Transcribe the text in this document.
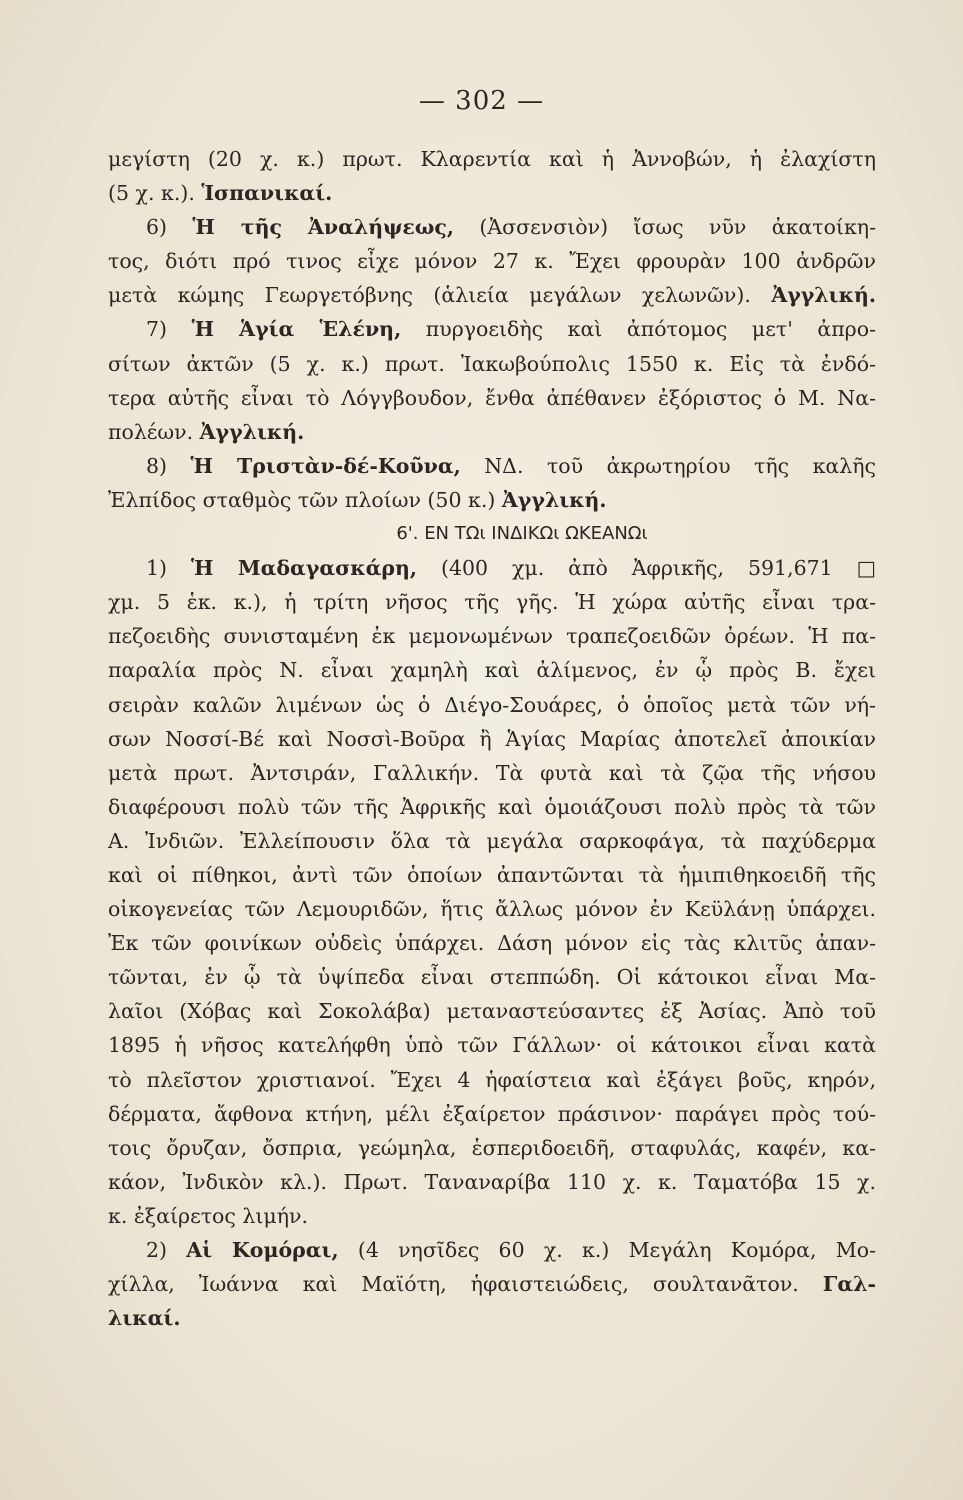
— 302 —
μεγίστη (20 χ. κ.) πρωτ. Κλαρεντία καὶ ἡ Ἀννοβών, ἡ ἐλαχίστη
(5 χ. κ.). Ἱσπανικαί.
6) Ἡ τῆς Ἀναλήψεως, (Ἀσσενσιὸν) ἴσως νῦν ἀκατοίκη-
τος, διότι πρό τινος εἶχε μόνον 27 κ. Ἔχει φρουρὰν 100 ἀνδρῶν
μετὰ κώμης Γεωργετόβνης (ἁλιεία μεγάλων χελωνῶν). Ἀγγλική.
7) Ἡ Ἁγία Ἑλένη, πυργοειδὴς καὶ ἀπότομος μετ' ἀπρο-
σίτων ἀκτῶν (5 χ. κ.) πρωτ. Ἰακωβούπολις 1550 κ. Εἰς τὰ ἐνδό-
τερα αὐτῆς εἶναι τὸ Λόγγβουδον, ἔνθα ἀπέθανεν ἐξόριστος ὁ Μ. Να-
πολέων. Ἀγγλική.
8) Ἡ Τριστὰν-δέ-Κοῦνα, ΝΔ. τοῦ ἀκρωτηρίου τῆς καλῆς
Ἐλπίδος σταθμὸς τῶν πλοίων (50 κ.) Ἀγγλική.
6'. ΕΝ ΤΩι ΙΝΔΙΚΩι ΩΚΕΑΝΩι
1) Ἡ Μαδαγασκάρη, (400 χμ. ἀπὸ Ἀφρικῆς, 591,671 □
χμ. 5 ἑκ. κ.), ἡ τρίτη νῆσος τῆς γῆς. Ἡ χώρα αὐτῆς εἶναι τρα-
πεζοειδὴς συνισταμένη ἐκ μεμονωμένων τραπεζοειδῶν ὀρέων. Ἡ πα-
παραλία πρὸς Ν. εἶναι χαμηλὴ καὶ ἀλίμενος, ἐν ᾧ πρὸς Β. ἔχει
σειρὰν καλῶν λιμένων ὡς ὁ Διέγο-Σουάρες, ὁ ὁποῖος μετὰ τῶν νή-
σων Νοσσί-Βέ καὶ Νοσσὶ-Βοῦρα ἢ Ἁγίας Μαρίας ἀποτελεῖ ἀποικίαν
μετὰ πρωτ. Ἀντσιράν, Γαλλικήν. Τὰ φυτὰ καὶ τὰ ζῷα τῆς νήσου
διαφέρουσι πολὺ τῶν τῆς Ἀφρικῆς καὶ ὁμοιάζουσι πολὺ πρὸς τὰ τῶν
Α. Ἰνδιῶν. Ἐλλείπουσιν ὅλα τὰ μεγάλα σαρκοφάγα, τὰ παχύδερμα
καὶ οἱ πίθηκοι, ἀντὶ τῶν ὁποίων ἀπαντῶνται τὰ ἡμιπιθηκοειδῆ τῆς
οἰκογενείας τῶν Λεμουριδῶν, ἥτις ἄλλως μόνον ἐν Κεϋλάνῃ ὑπάρχει.
Ἐκ τῶν φοινίκων οὐδεὶς ὑπάρχει. Δάση μόνον εἰς τὰς κλιτῦς ἀπαν-
τῶνται, ἐν ᾧ τὰ ὑψίπεδα εἶναι στεππώδη. Οἱ κάτοικοι εἶναι Μα-
λαῖοι (Χόβας καὶ Σοκολάβα) μεταναστεύσαντες ἐξ Ἀσίας. Ἀπὸ τοῦ
1895 ἡ νῆσος κατελήφθη ὑπὸ τῶν Γάλλων· οἱ κάτοικοι εἶναι κατὰ
τὸ πλεῖστον χριστιανοί. Ἔχει 4 ἡφαίστεια καὶ ἐξάγει βοῦς, κηρόν,
δέρματα, ἄφθονα κτήνη, μέλι ἐξαίρετον πράσινον· παράγει πρὸς τού-
τοις ὄρυζαν, ὄσπρια, γεώμηλα, ἑσπεριδοειδῆ, σταφυλάς, καφέν, κα-
κάον, Ἰνδικὸν κλ.). Πρωτ. Ταναναρίβα 110 χ. κ. Ταματόβα 15 χ.
κ. ἐξαίρετος λιμήν.
2) Αἱ Κομόραι, (4 νησῖδες 60 χ. κ.) Μεγάλη Κομόρα, Μο-
χίλλα, Ἰωάννα καὶ Μαϊότη, ἡφαιστειώδεις, σουλτανᾶτον. Γαλ-
λικαί.
